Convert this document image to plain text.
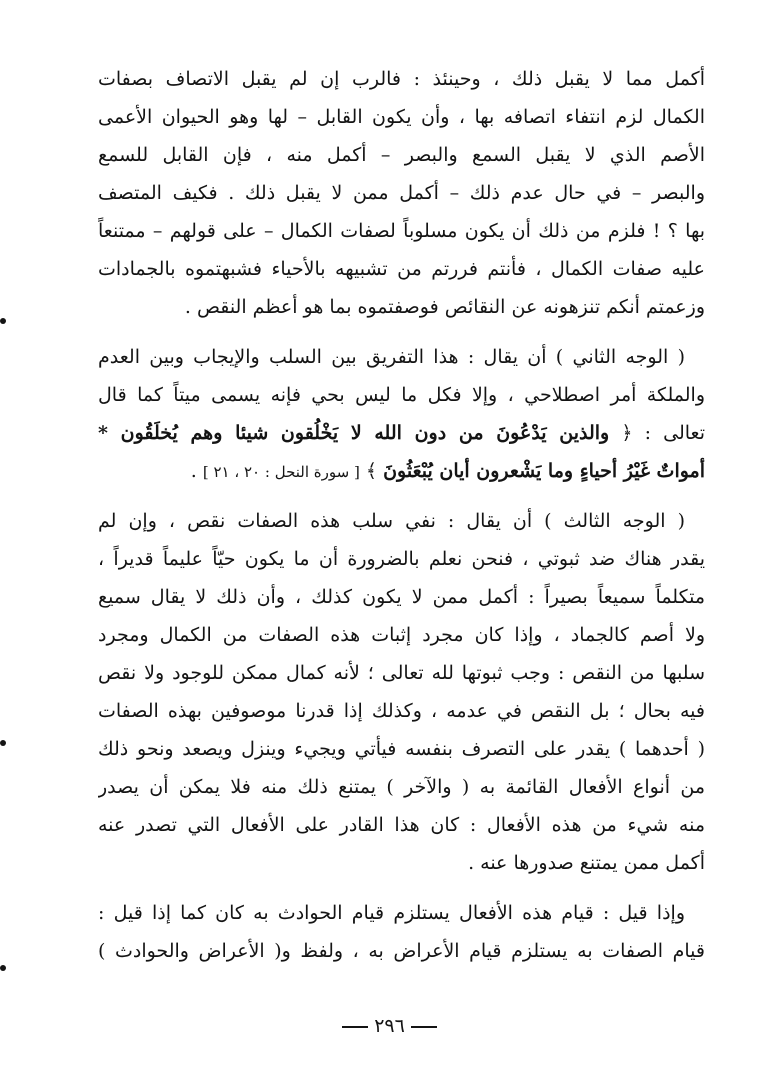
أكمل مما لا يقبل ذلك ، وحينئذ : فالرب إن لم يقبل الاتصاف بصفات
الكمال لزم انتفاء اتصافه بها ، وأن يكون القابل – لها وهو الحيوان الأعمى
الأصم الذي لا يقبل السمع والبصر – أكمل منه ، فإن القابل للسمع
والبصر – في حال عدم ذلك – أكمل ممن لا يقبل ذلك . فكيف المتصف
بها ؟ ! فلزم من ذلك أن يكون مسلوباً لصفات الكمال – على قولهم – ممتنعاً
عليه صفات الكمال ، فأنتم فررتم من تشبيهه بالأحياء فشبهتموه بالجمادات
وزعمتم أنكم تنزهونه عن النقائص فوصفتموه بما هو أعظم النقص .

( الوجه الثاني ) أن يقال : هذا التفريق بين السلب والإيجاب وبين العدم
والملكة أمر اصطلاحي ، وإلا فكل ما ليس بحي فإنه يسمى ميتاً كما قال
تعالى : ﴿ والذين يَدْعُونَ من دون الله لا يَخْلُقون شيئا وهم يُخلَقُون *
أمواتٌ غَيْرُ أحياءٍ وما يَشْعرون أيان يُبْعَثُونَ ﴾ [ سورة النحل : ٢٠ ، ٢١ ] .

( الوجه الثالث ) أن يقال : نفي سلب هذه الصفات نقص ، وإن لم
يقدر هناك ضد ثبوتي ، فنحن نعلم بالضرورة أن ما يكون حيّاً عليماً قديراً ،
متكلماً سميعاً بصيراً : أكمل ممن لا يكون كذلك ، وأن ذلك لا يقال سميع
ولا أصم كالجماد ، وإذا كان مجرد إثبات هذه الصفات من الكمال ومجرد
سلبها من النقص : وجب ثبوتها لله تعالى ؛ لأنه كمال ممكن للوجود ولا نقص
فيه بحال ؛ بل النقص في عدمه ، وكذلك إذا قدرنا موصوفين بهذه الصفات
( أحدهما ) يقدر على التصرف بنفسه فيأتي ويجيء وينزل ويصعد ونحو ذلك
من أنواع الأفعال القائمة به ( والآخر ) يمتنع ذلك منه فلا يمكن أن يصدر
منه شيء من هذه الأفعال : كان هذا القادر على الأفعال التي تصدر عنه
أكمل ممن يمتنع صدورها عنه .

وإذا قيل : قيام هذه الأفعال يستلزم قيام الحوادث به كان كما إذا قيل :
قيام الصفات به يستلزم قيام الأعراض به ، ولفظ و( الأعراض والحوادث )

٢٩٦
